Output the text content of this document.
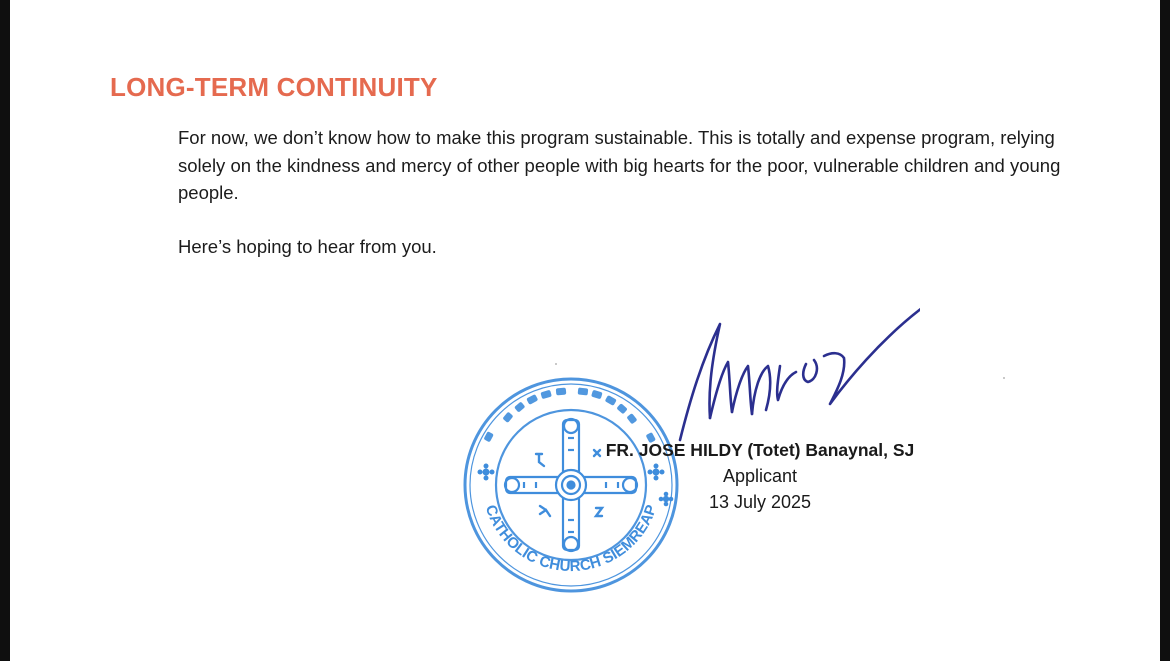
LONG-TERM CONTINUITY

For now, we don’t know how to make this program sustainable. This is totally and expense program, relying solely on the kindness and mercy of other people with big hearts for the poor, vulnerable children and young people.

Here’s hoping to hear from you.

CATHOLIC CHURCH SIEMREAP
FR. JOSE HILDY (Totet) Banaynal, SJ
Applicant
13 July 2025
